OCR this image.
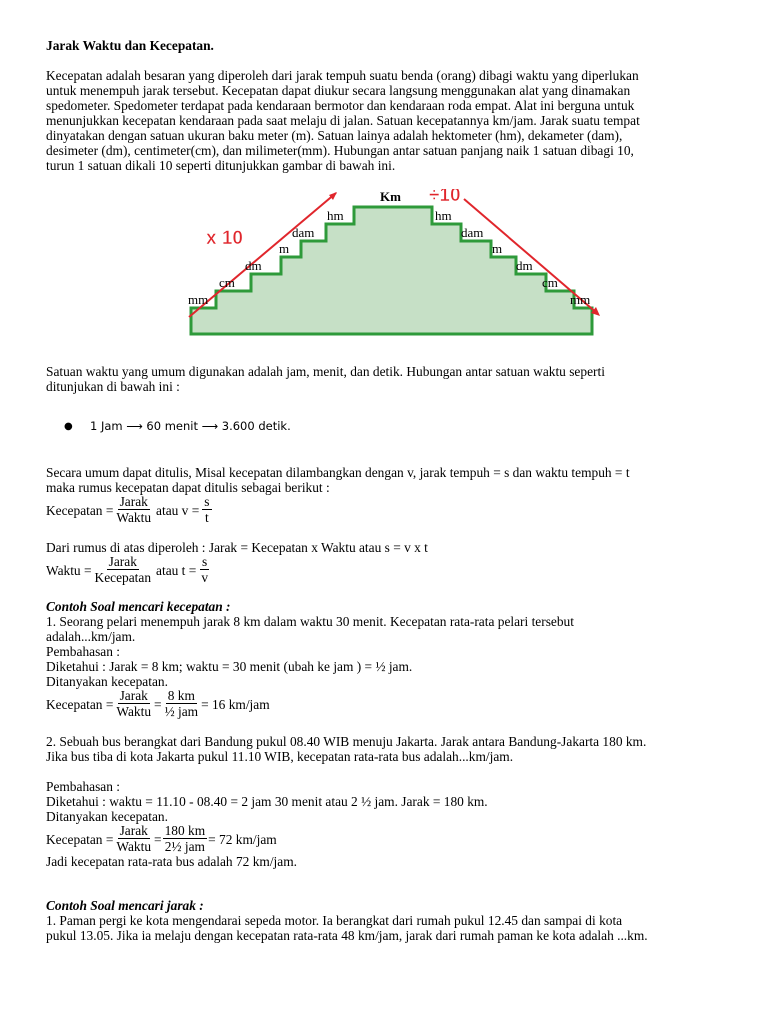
Jarak Waktu dan Kecepatan.

Kecepatan adalah besaran yang diperoleh dari jarak tempuh suatu benda (orang) dibagi waktu yang diperlukan

untuk menempuh jarak tersebut. Kecepatan dapat diukur secara langsung menggunakan alat yang dinamakan

spedometer. Spedometer terdapat pada kendaraan bermotor dan kendaraan roda empat. Alat ini berguna untuk

menunjukkan kecepatan kendaraan pada saat melaju di jalan. Satuan kecepatannya km/jam. Jarak suatu tempat

dinyatakan dengan satuan ukuran baku meter (m). Satuan lainya adalah hektometer (hm), dekameter (dam),

desimeter (dm), centimeter(cm), dan milimeter(mm). Hubungan antar satuan panjang naik 1 satuan dibagi 10,

turun 1 satuan dikali 10 seperti ditunjukkan gambar di bawah ini.

x 10
÷10
Km
hm
dam
m
dm
cm
mm
hm
dam
m
dm
cm
mm

Satuan waktu yang umum digunakan adalah jam, menit, dan detik. Hubungan antar satuan waktu seperti

ditunjukan di bawah ini :

●	1 Jam ⟶ 60 menit ⟶ 3.600 detik.

Secara umum dapat ditulis, Misal kecepatan dilambangkan dengan v, jarak tempuh = s dan waktu tempuh = t

maka rumus kecepatan dapat ditulis sebagai berikut :

Kecepatan = $\frac{\text{Jarak}}{\text{Waktu}}$ atau $v = \frac{s}{t}$

Dari rumus di atas diperoleh : Jarak = Kecepatan x Waktu atau s = v x t

Waktu = $\frac{\text{Jarak}}{\text{Kecepatan}}$ atau $t = \frac{s}{v}$

Contoh Soal mencari kecepatan :

1. Seorang pelari menempuh jarak 8 km dalam waktu 30 menit. Kecepatan rata-rata pelari tersebut

adalah...km/jam.

Pembahasan :

Diketahui : Jarak = 8 km; waktu = 30 menit (ubah ke jam ) = ½ jam.

Ditanyakan kecepatan.

Kecepatan = $\frac{\text{Jarak}}{\text{Waktu}} = \frac{8 km}{\text{½ jam}} = 16$ km/jam

2. Sebuah bus berangkat dari Bandung pukul 08.40 WIB menuju Jakarta. Jarak antara Bandung-Jakarta 180 km.

Jika bus tiba di kota Jakarta pukul 11.10 WIB, kecepatan rata-rata bus adalah...km/jam.

Pembahasan :

Diketahui : waktu = 11.10 - 08.40 = 2 jam 30 menit atau 2 ½ jam. Jarak = 180 km.

Ditanyakan kecepatan.

Kecepatan = $\frac{\text{Jarak}}{\text{Waktu}} = \frac{180 km}{\text{2½ jam}} = 72$ km/jam

Jadi kecepatan rata-rata bus adalah 72 km/jam.

Contoh Soal mencari jarak :

1. Paman pergi ke kota mengendarai sepeda motor. Ia berangkat dari rumah pukul 12.45 dan sampai di kota

pukul 13.05. Jika ia melaju dengan kecepatan rata-rata 48 km/jam, jarak dari rumah paman ke kota adalah ...km.
